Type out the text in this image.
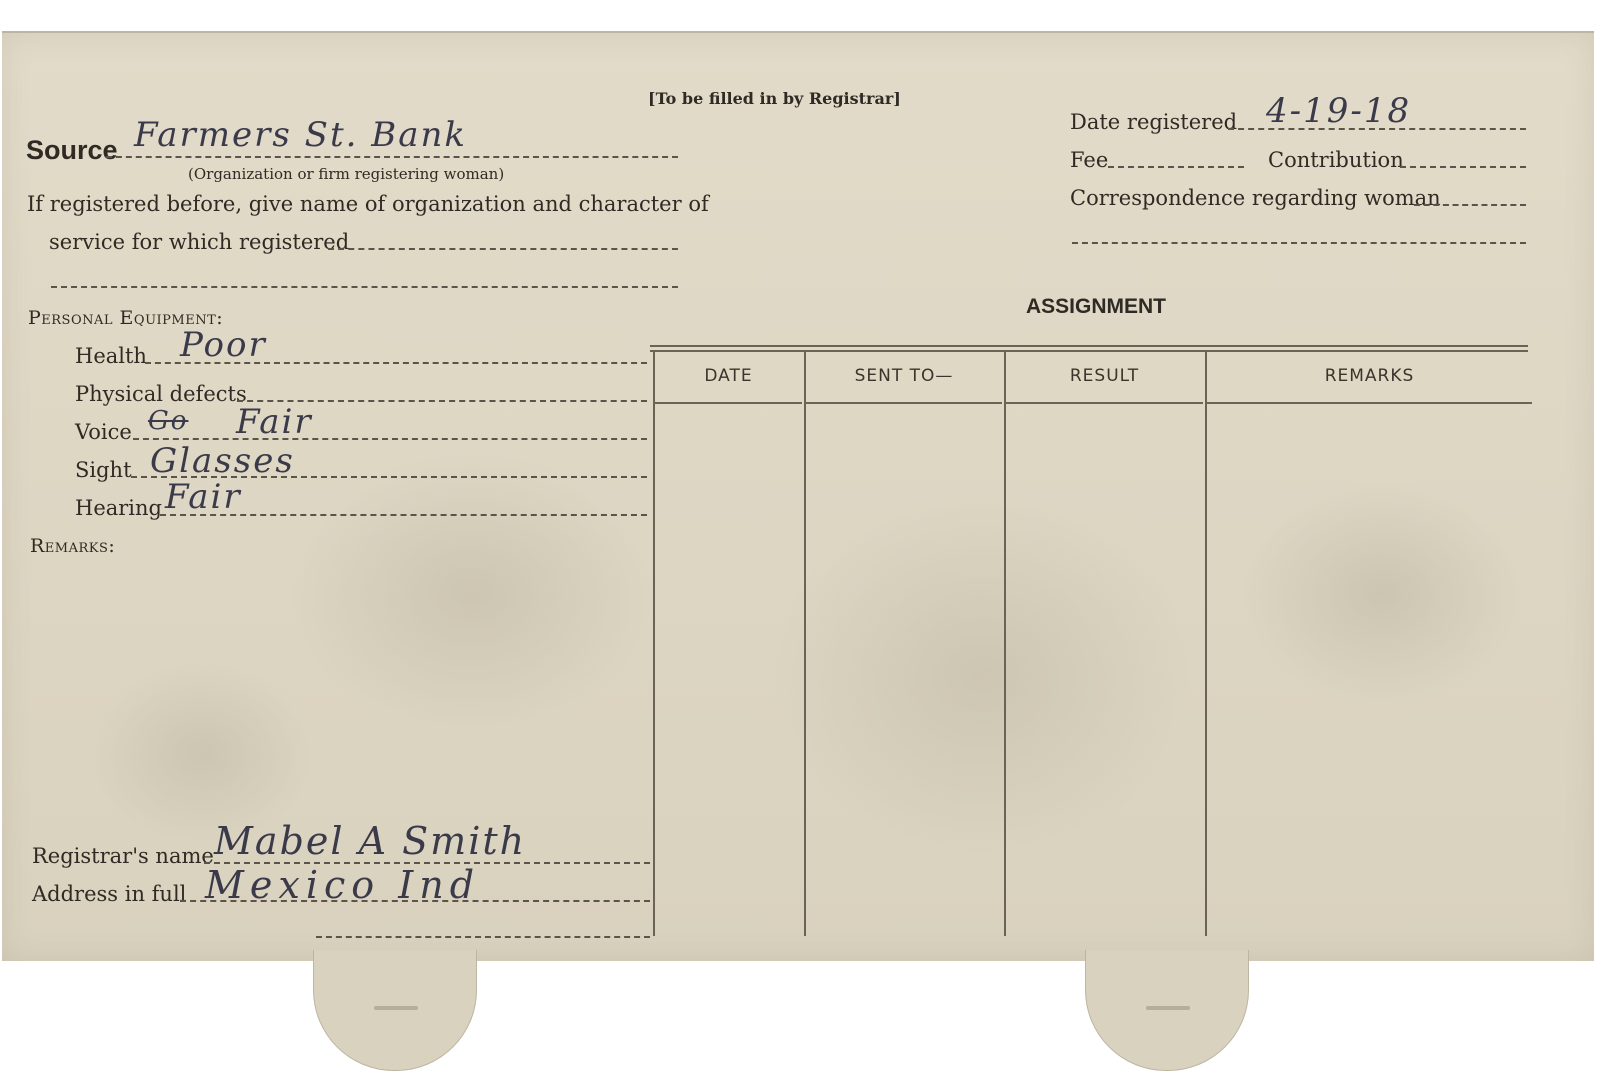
[To be filled in by Registrar]
Source Farmers St. Bank
(Organization or firm registering woman)
If registered before, give name of organization and character of
service for which registered
Personal Equipment:
Health Poor
Physical defects
Voice Go Fair
Sight Glasses
Hearing Fair
Remarks:
Registrar's name Mabel A Smith
Address in full Mexico Ind
Date registered 4-19-18
Fee	Contribution
Correspondence regarding woman
ASSIGNMENT
DATE	SENT TO—	RESULT	REMARKS
